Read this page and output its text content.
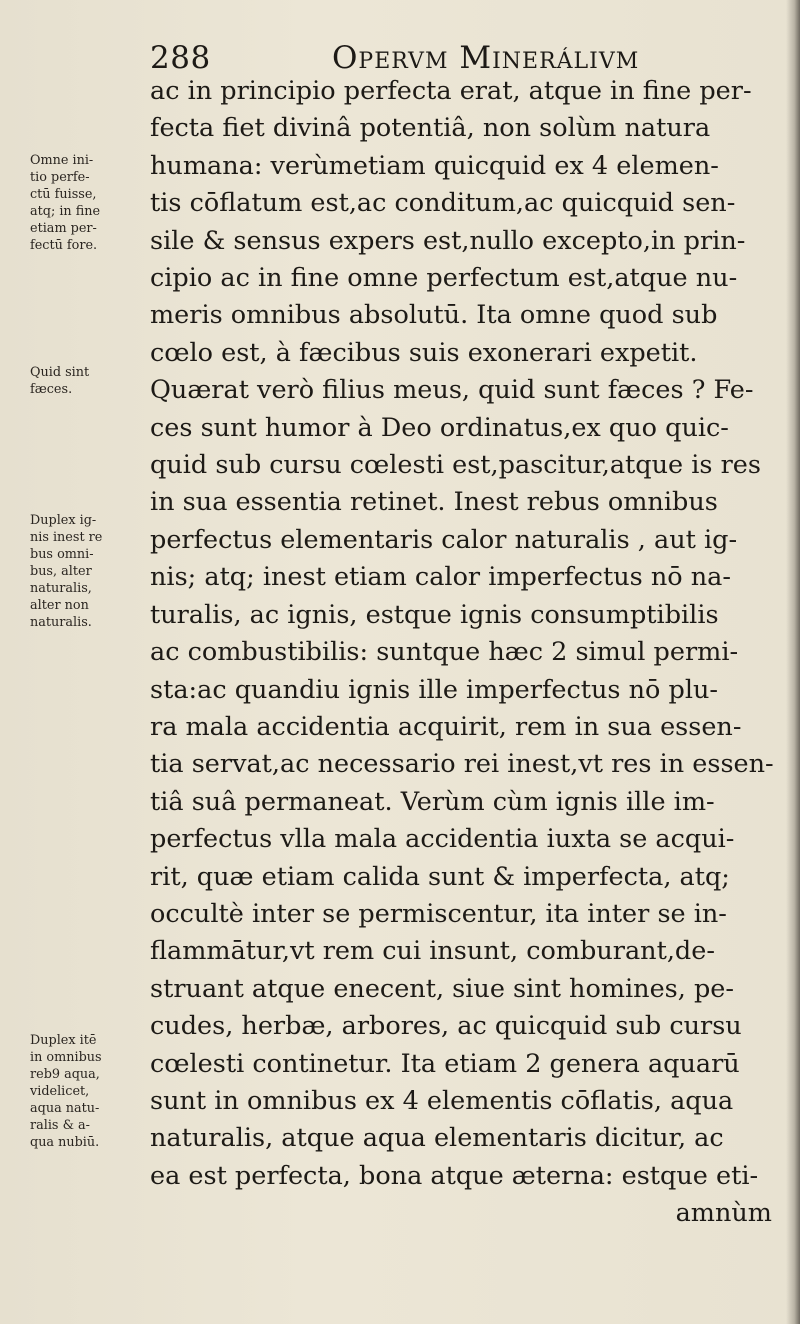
288	Opervm Minerálivm
ac in principio perfecta erat, atque in fine per-
fecta fiet divinâ potentiâ, non solùm natura
humana: verùmetiam quicquid ex 4 elemen-
tis cōflatum est,ac conditum,ac quicquid sen-
sile & sensus expers est,nullo excepto,in prin-
cipio ac in fine omne perfectum est,atque nu-
meris omnibus absolutū. Ita omne quod sub
cœlo est, à fæcibus suis exonerari expetit.
Quærat verò filius meus, quid sunt fæces ? Fe-
ces sunt humor à Deo ordinatus,ex quo quic-
quid sub cursu cœlesti est,pascitur,atque is res
in sua essentia retinet. Inest rebus omnibus
perfectus elementaris calor naturalis , aut ig-
nis; atq; inest etiam calor imperfectus nō na-
turalis, ac ignis, estque ignis consumptibilis
ac combustibilis: suntque hæc 2 simul permi-
sta:ac quandiu ignis ille imperfectus nō plu-
ra mala accidentia acquirit, rem in sua essen-
tia servat,ac necessario rei inest,vt res in essen-
tiâ suâ permaneat. Verùm cùm ignis ille im-
perfectus vlla mala accidentia iuxta se acqui-
rit, quæ etiam calida sunt & imperfecta, atq;
occultè inter se permiscentur, ita inter se in-
flammātur,vt rem cui insunt, comburant,de-
struant atque enecent, siue sint homines, pe-
cudes, herbæ, arbores, ac quicquid sub cursu
cœlesti continetur. Ita etiam 2 genera aquarū
sunt in omnibus ex 4 elementis cōflatis, aqua
naturalis, atque aqua elementaris dicitur, ac
ea est perfecta, bona atque æterna: estque eti-
amnùm
Omne ini-
tio perfe-
ctū fuisse,
atq; in fine
etiam per-
fectū fore.
Quid sint
fæces.
Duplex ig-
nis inest re
bus omni-
bus, alter
naturalis,
alter non
naturalis.
Duplex itē
in omnibus
reb9 aqua,
videlicet,
aqua natu-
ralis & a-
qua nubiū.
